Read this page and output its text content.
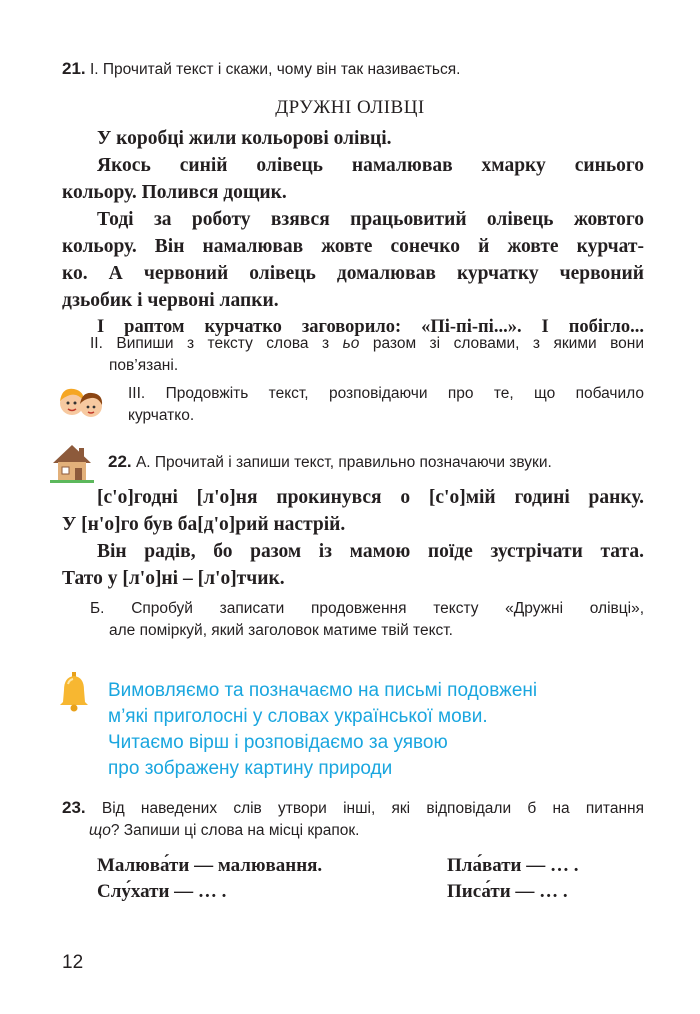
21. І. Прочитай текст і скажи, чому він так називається.
ДРУЖНІ ОЛІВЦІ
У коробці жили кольорові олівці.
Якось синій олівець намалював хмарку синього
кольору. Полився дощик.
Тоді за роботу взявся працьовитий олівець жовтого
кольору. Він намалював жовте сонечко й жовте курчат-
ко. А червоний олівець домалював курчатку червоний
дзьобик і червоні лапки.
І раптом курчатко заговорило: «Пі-пі-пі...». І побігло...
ІІ. Випиши з тексту слова з ьо разом зі словами, з якими вони
пов’язані.
ІІІ. Продовжіть текст, розповідаючи про те, що побачило
курчатко.
22. А. Прочитай і запиши текст, правильно позначаючи звуки.
[с'о]годні [л'о]ня прокинувся о [с'о]мій годині ранку.
У [н'о]го був ба[д'о]рий настрій.
Він радів, бо разом із мамою поїде зустрічати тата.
Тато у [л'о]ні – [л'о]тчик.
Б. Спробуй записати продовження тексту «Дружні олівці»,
але поміркуй, який заголовок матиме твій текст.
Вимовляємо та позначаємо на письмі подовжені
м’які приголосні у словах української мови.
Читаємо вірш і розповідаємо за уявою
про зображену картину природи
23. Від наведених слів утвори інші, які відповідали б на питання
що? Запиши ці слова на місці крапок.
Малюва́ти — малювання.
Слу́хати — … .
Пла́вати — … .
Писа́ти — … .
12
